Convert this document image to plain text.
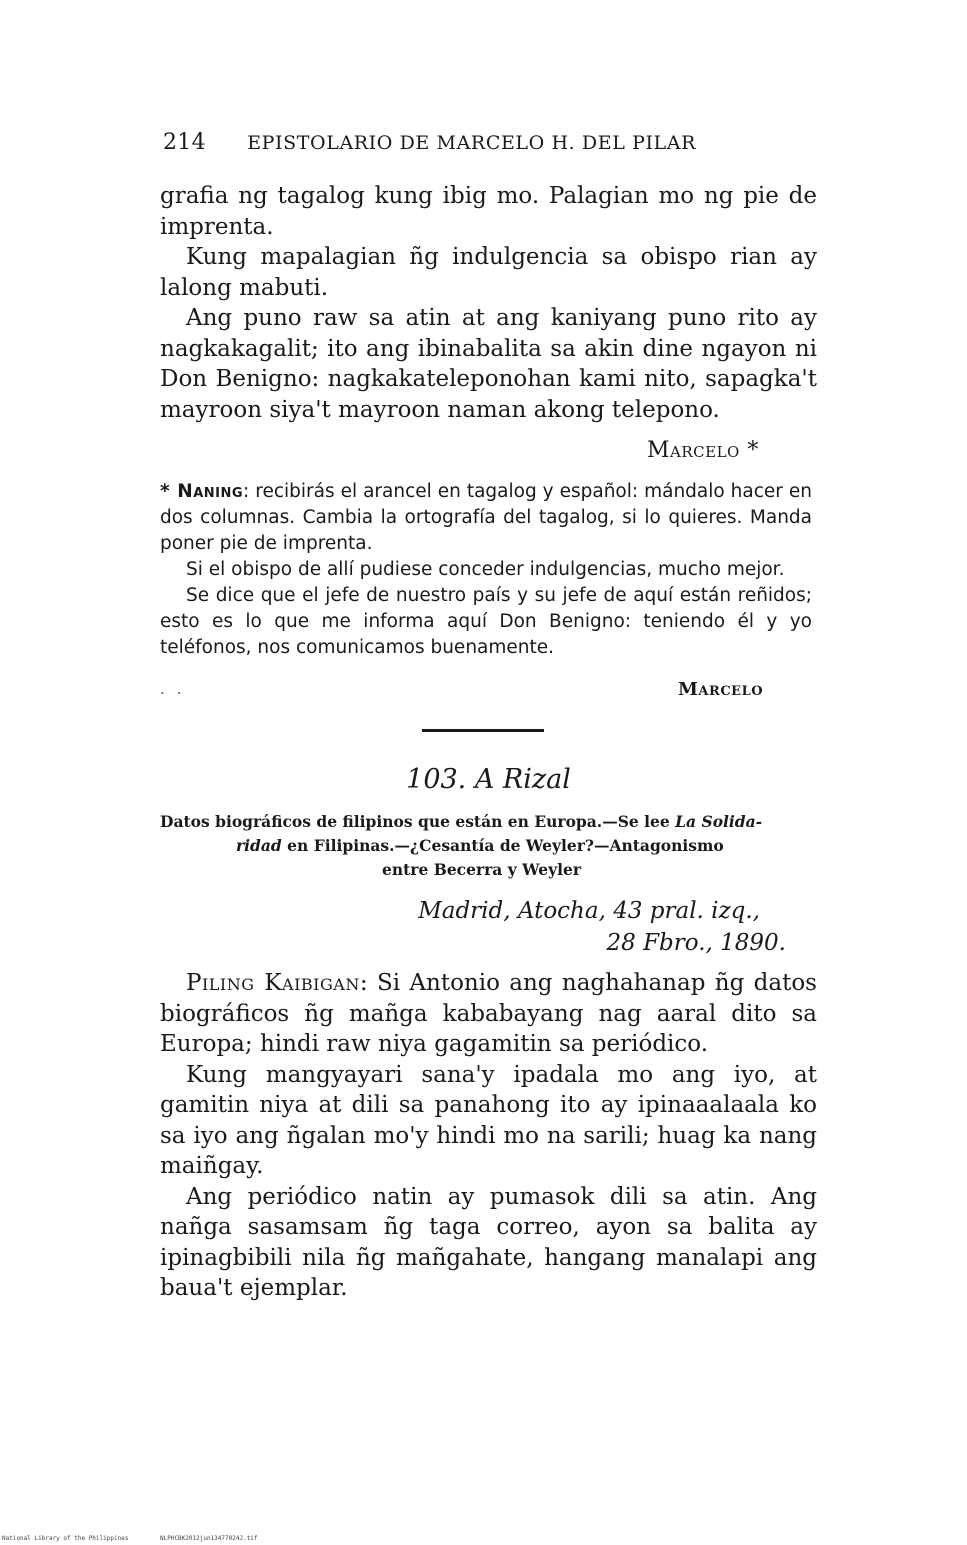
214 EPISTOLARIO DE MARCELO H. DEL PILAR

grafia ng tagalog kung ibig mo. Palagian mo ng pie de imprenta.

Kung mapalagian ñg indulgencia sa obispo rian ay lalong mabuti.

Ang puno raw sa atin at ang kaniyang puno rito ay nagkakagalit; ito ang ibinabalita sa akin dine ngayon ni Don Benigno: nagkakateleponohan kami nito, sapagka't mayroon siya't mayroon naman akong telepono.

Marcelo *

* Naning: recibirás el arancel en tagalog y español: mándalo hacer en dos columnas. Cambia la ortografía del tagalog, si lo quieres. Manda poner pie de imprenta.

Si el obispo de allí pudiese conceder indulgencias, mucho mejor.

Se dice que el jefe de nuestro país y su jefe de aquí están reñidos; esto es lo que me informa aquí Don Benigno: teniendo él y yo teléfonos, nos comunicamos buenamente.

. .	Marcelo
103. A Rizal
Datos biográficos de filipinos que están en Europa.—Se lee La Solida-
ridad en Filipinas.—¿Cesantía de Weyler?—Antagonismo
entre Becerra y Weyler
Madrid, Atocha, 43 pral. izq.,
28 Fbro., 1890.

Piling Kaibigan: Si Antonio ang naghahanap ñg datos biográficos ñg mañga kababayang nag aaral dito sa Europa; hindi raw niya gagamitin sa periódico.

Kung mangyayari sana'y ipadala mo ang iyo, at gamitin niya at dili sa panahong ito ay ipinaaalaala ko sa iyo ang ñgalan mo'y hindi mo na sarili; huag ka nang maiñgay.

Ang periódico natin ay pumasok dili sa atin. Ang nañga sasamsam ñg taga correo, ayon sa balita ay ipinagbibili nila ñg mañgahate, hangang manalapi ang baua't ejemplar.

National Library of the Philippines	NLPHCBK2012jun13477024J.tif
